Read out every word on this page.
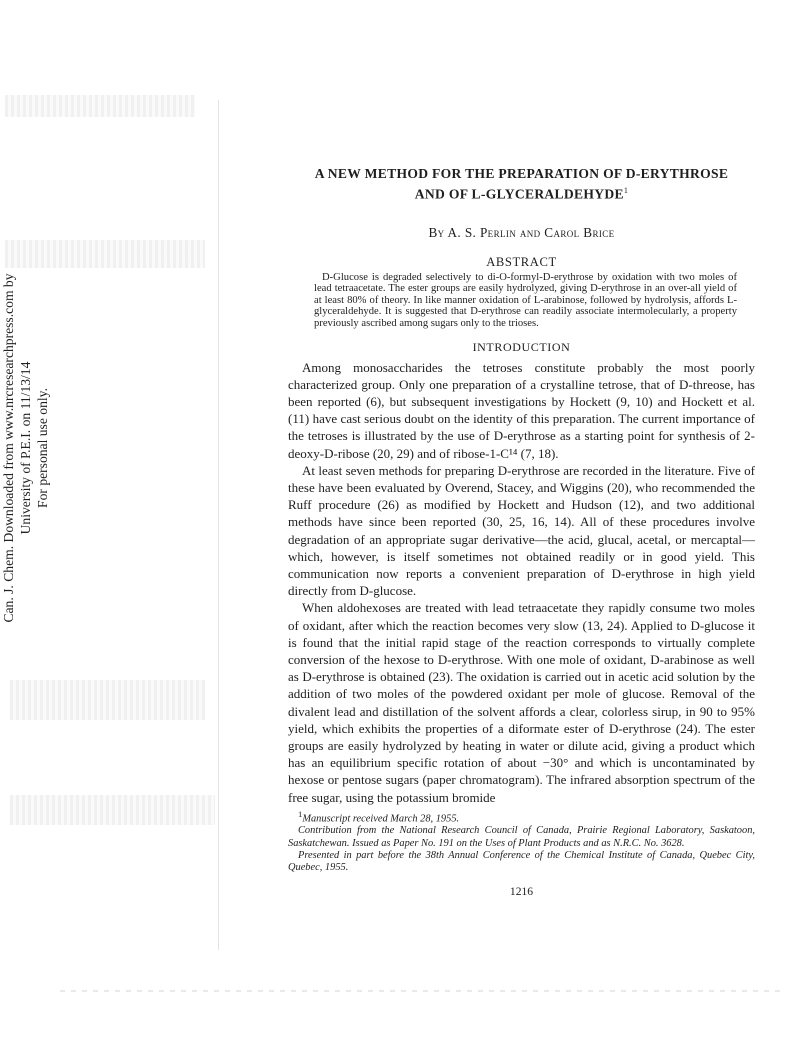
Can. J. Chem. Downloaded from www.nrcresearchpress.com by University of P.E.I. on 11/13/14 For personal use only.
A NEW METHOD FOR THE PREPARATION OF D-ERYTHROSE
AND OF L-GLYCERALDEHYDE$^1$
By A. S. Perlin and Carol Brice
ABSTRACT
D-Glucose is degraded selectively to di-O-formyl-D-erythrose by oxidation with two moles of lead tetraacetate. The ester groups are easily hydrolyzed, giving D-erythrose in an over-all yield of at least 80% of theory. In like manner oxidation of L-arabinose, followed by hydrolysis, affords L-glyceraldehyde. It is suggested that D-erythrose can readily associate intermolecularly, a property previously ascribed among sugars only to the trioses.
INTRODUCTION

Among monosaccharides the tetroses constitute probably the most poorly characterized group. Only one preparation of a crystalline tetrose, that of D-threose, has been reported (6), but subsequent investigations by Hockett (9, 10) and Hockett et al. (11) have cast serious doubt on the identity of this preparation. The current importance of the tetroses is illustrated by the use of D-erythrose as a starting point for synthesis of 2-deoxy-D-ribose (20, 29) and of ribose-1-C¹⁴ (7, 18).

At least seven methods for preparing D-erythrose are recorded in the literature. Five of these have been evaluated by Overend, Stacey, and Wiggins (20), who recommended the Ruff procedure (26) as modified by Hockett and Hudson (12), and two additional methods have since been reported (30, 25, 16, 14). All of these procedures involve degradation of an appropriate sugar derivative—the acid, glucal, acetal, or mercaptal—which, however, is itself sometimes not obtained readily or in good yield. This communication now reports a convenient preparation of D-erythrose in high yield directly from D-glucose.

When aldohexoses are treated with lead tetraacetate they rapidly consume two moles of oxidant, after which the reaction becomes very slow (13, 24). Applied to D-glucose it is found that the initial rapid stage of the reaction corresponds to virtually complete conversion of the hexose to D-erythrose. With one mole of oxidant, D-arabinose as well as D-erythrose is obtained (23). The oxidation is carried out in acetic acid solution by the addition of two moles of the powdered oxidant per mole of glucose. Removal of the divalent lead and distillation of the solvent affords a clear, colorless sirup, in 90 to 95% yield, which exhibits the properties of a diformate ester of D-erythrose (24). The ester groups are easily hydrolyzed by heating in water or dilute acid, giving a product which has an equilibrium specific rotation of about −30° and which is uncontaminated by hexose or pentose sugars (paper chromatogram). The infrared absorption spectrum of the free sugar, using the potassium bromide

$^1$Manuscript received March 28, 1955.
Contribution from the National Research Council of Canada, Prairie Regional Laboratory, Saskatoon, Saskatchewan. Issued as Paper No. 191 on the Uses of Plant Products and as N.R.C. No. 3628.
Presented in part before the 38th Annual Conference of the Chemical Institute of Canada, Quebec City, Quebec, 1955.
1216
